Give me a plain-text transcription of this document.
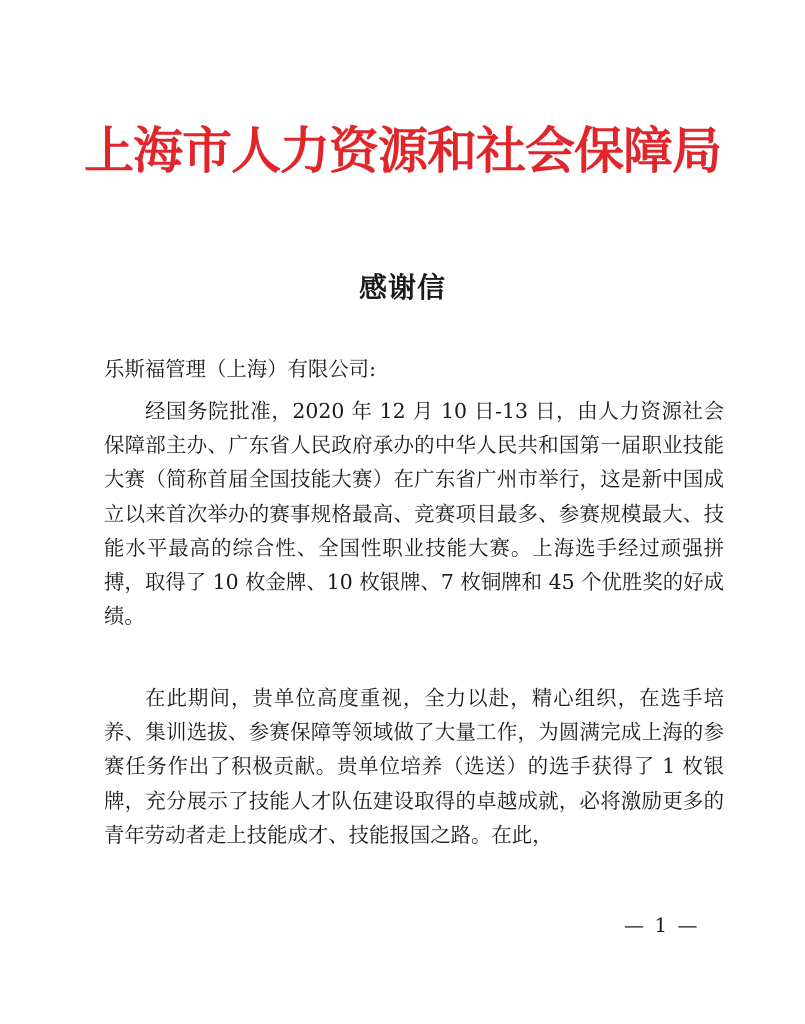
上海市人力资源和社会保障局
感谢信
乐斯福管理（上海）有限公司:
经国务院批准，2020 年 12 月 10 日-13 日，由人力资源社会保障部主办、广东省人民政府承办的中华人民共和国第一届职业技能大赛（简称首届全国技能大赛）在广东省广州市举行，这是新中国成立以来首次举办的赛事规格最高、竞赛项目最多、参赛规模最大、技能水平最高的综合性、全国性职业技能大赛。上海选手经过顽强拼搏，取得了 10 枚金牌、10 枚银牌、7 枚铜牌和 45 个优胜奖的好成绩。
在此期间，贵单位高度重视，全力以赴，精心组织，在选手培养、集训选拔、参赛保障等领域做了大量工作，为圆满完成上海的参赛任务作出了积极贡献。贵单位培养（选送）的选手获得了 1 枚银牌，充分展示了技能人才队伍建设取得的卓越成就，必将激励更多的青年劳动者走上技能成才、技能报国之路。在此，
— 1 —
